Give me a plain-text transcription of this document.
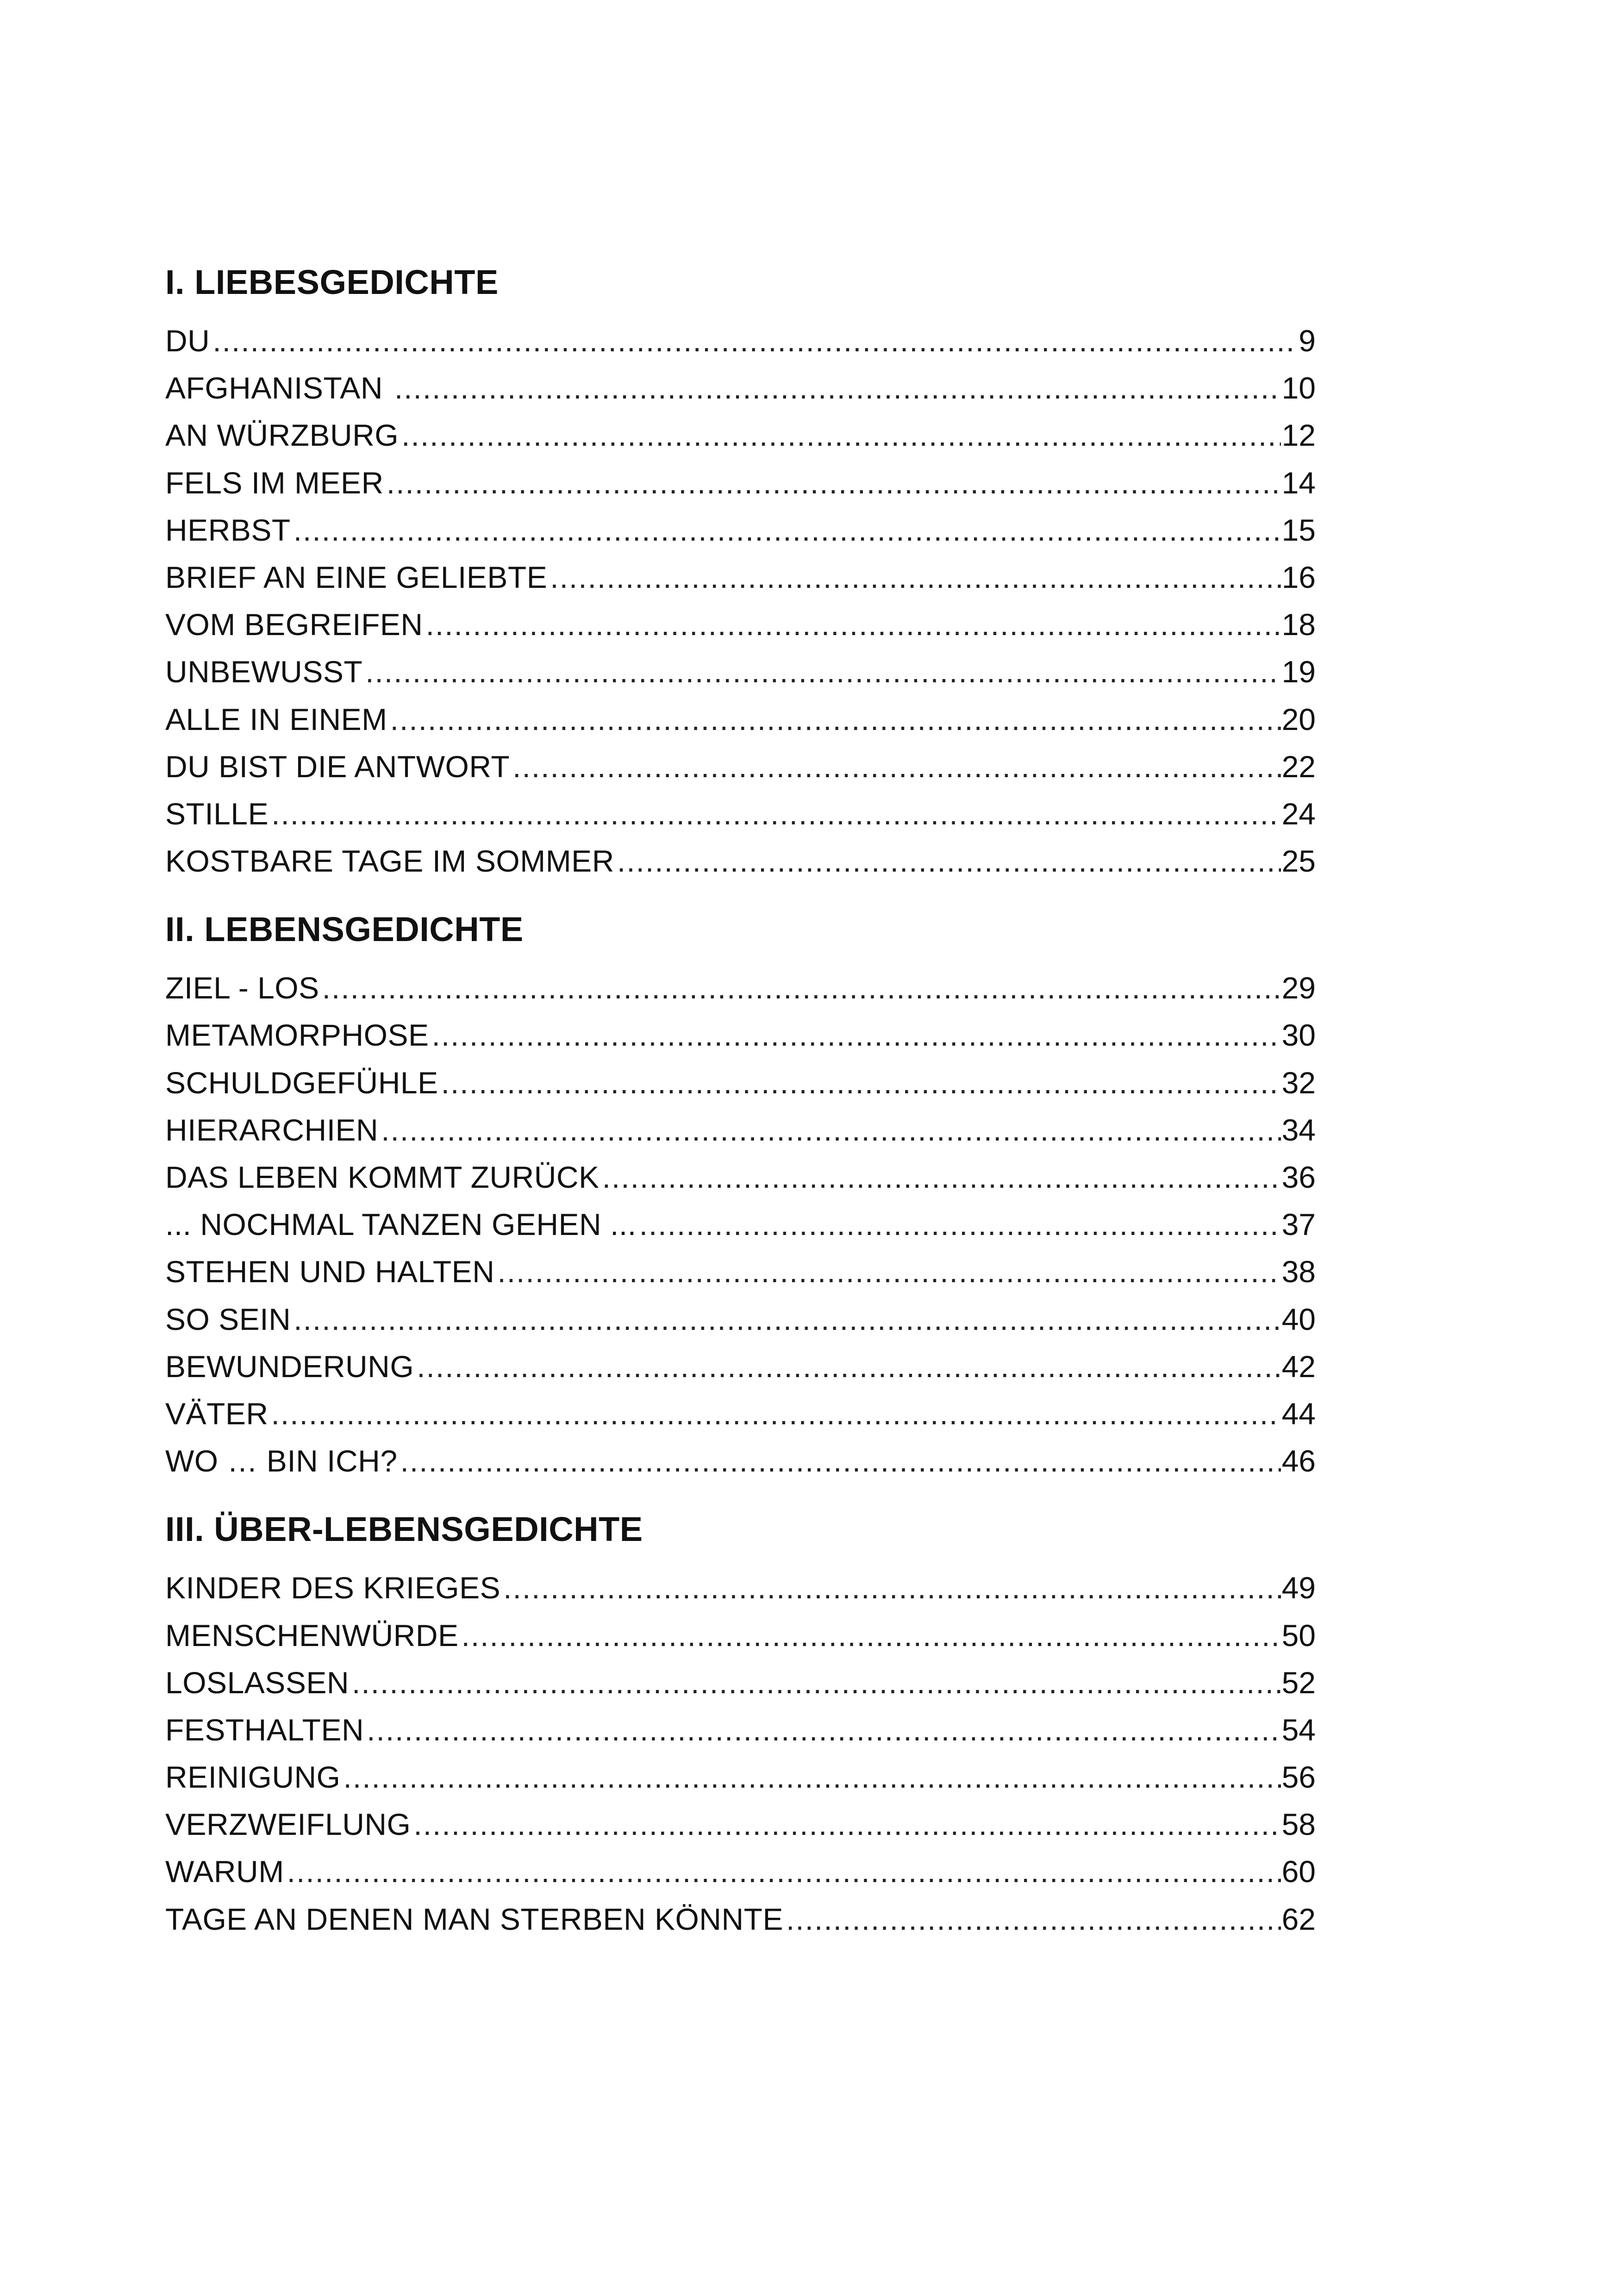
I. LIEBESGEDICHTE
DU .....	9
AFGHANISTAN .....	10
AN WÜRZBURG .....	12
FELS IM MEER .....	14
HERBST .....	15
BRIEF AN EINE GELIEBTE .....	16
VOM BEGREIFEN .....	18
UNBEWUSST .....	19
ALLE IN EINEM .....	20
DU BIST DIE ANTWORT .....	22
STILLE .....	24
KOSTBARE TAGE IM SOMMER .....	25
II. LEBENSGEDICHTE
ZIEL - LOS .....	29
METAMORPHOSE .....	30
SCHULDGEFÜHLE .....	32
HIERARCHIEN .....	34
DAS LEBEN KOMMT ZURÜCK .....	36
... NOCHMAL TANZEN GEHEN ... .....	37
STEHEN UND HALTEN .....	38
SO SEIN .....	40
BEWUNDERUNG .....	42
VÄTER .....	44
WO … BIN ICH? .....	46
III. ÜBER-LEBENSGEDICHTE
KINDER DES KRIEGES .....	49
MENSCHENWÜRDE .....	50
LOSLASSEN .....	52
FESTHALTEN .....	54
REINIGUNG .....	56
VERZWEIFLUNG .....	58
WARUM .....	60
TAGE AN DENEN MAN STERBEN KÖNNTE .....	62
